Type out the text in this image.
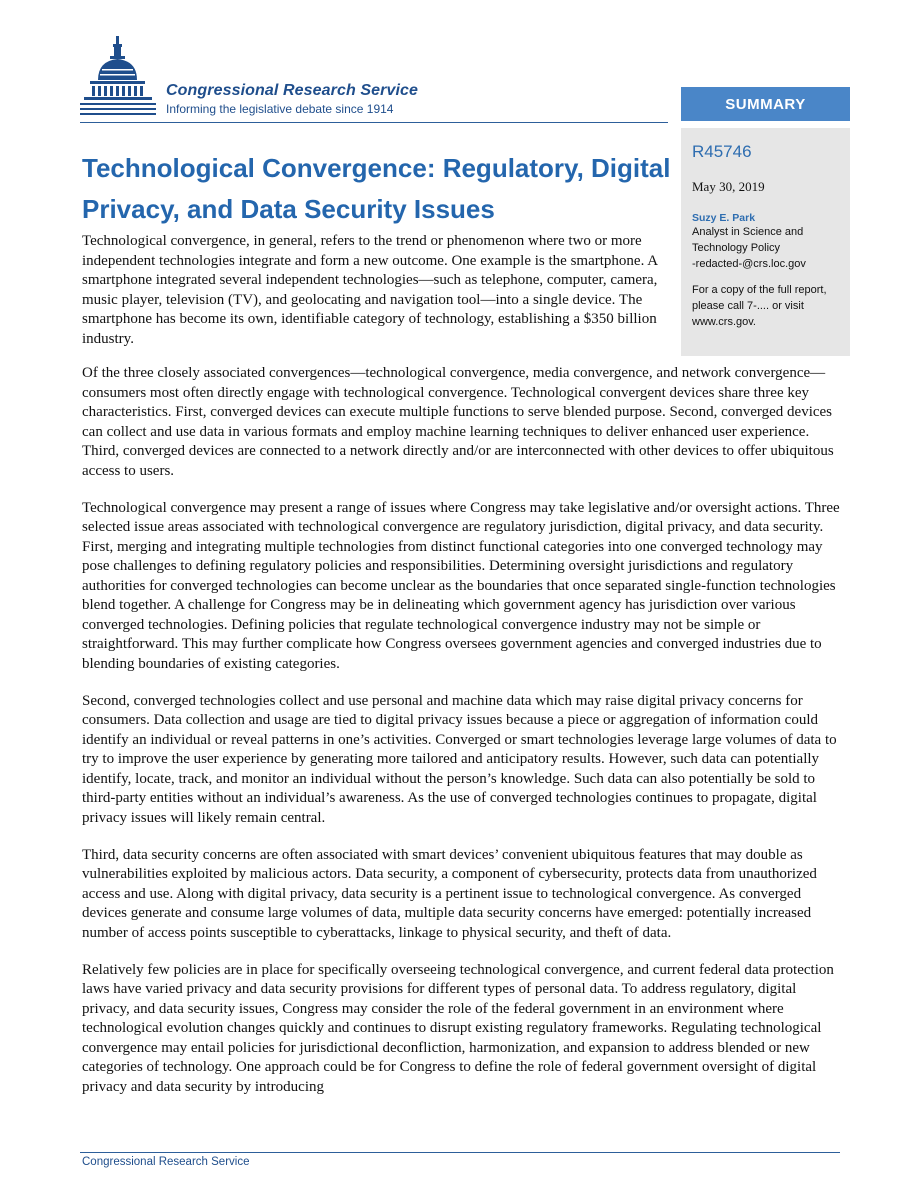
Congressional Research Service
Informing the legislative debate since 1914	SUMMARY
R45746
May 30, 2019
Suzy E. Park
Analyst in Science and
Technology Policy
-redacted-@crs.loc.gov
For a copy of the full report, please call 7-.... or visit www.crs.gov.
Technological Convergence: Regulatory, Digital Privacy, and Data Security Issues

Technological convergence, in general, refers to the trend or phenomenon where two or more independent technologies integrate and form a new outcome. One example is the smartphone. A smartphone integrated several independent technologies—such as telephone, computer, camera, music player, television (TV), and geolocating and navigation tool—into a single device. The smartphone has become its own, identifiable category of technology, establishing a $350 billion industry.

Of the three closely associated convergences—technological convergence, media convergence, and network convergence—consumers most often directly engage with technological convergence. Technological convergent devices share three key characteristics. First, converged devices can execute multiple functions to serve blended purpose. Second, converged devices can collect and use data in various formats and employ machine learning techniques to deliver enhanced user experience. Third, converged devices are connected to a network directly and/or are interconnected with other devices to offer ubiquitous access to users.

Technological convergence may present a range of issues where Congress may take legislative and/or oversight actions. Three selected issue areas associated with technological convergence are regulatory jurisdiction, digital privacy, and data security. First, merging and integrating multiple technologies from distinct functional categories into one converged technology may pose challenges to defining regulatory policies and responsibilities. Determining oversight jurisdictions and regulatory authorities for converged technologies can become unclear as the boundaries that once separated single-function technologies blend together. A challenge for Congress may be in delineating which government agency has jurisdiction over various converged technologies. Defining policies that regulate technological convergence industry may not be simple or straightforward. This may further complicate how Congress oversees government agencies and converged industries due to blending boundaries of existing categories.

Second, converged technologies collect and use personal and machine data which may raise digital privacy concerns for consumers. Data collection and usage are tied to digital privacy issues because a piece or aggregation of information could identify an individual or reveal patterns in one’s activities. Converged or smart technologies leverage large volumes of data to try to improve the user experience by generating more tailored and anticipatory results. However, such data can potentially identify, locate, track, and monitor an individual without the person’s knowledge. Such data can also potentially be sold to third-party entities without an individual’s awareness. As the use of converged technologies continues to propagate, digital privacy issues will likely remain central.

Third, data security concerns are often associated with smart devices’ convenient ubiquitous features that may double as vulnerabilities exploited by malicious actors. Data security, a component of cybersecurity, protects data from unauthorized access and use. Along with digital privacy, data security is a pertinent issue to technological convergence. As converged devices generate and consume large volumes of data, multiple data security concerns have emerged: potentially increased number of access points susceptible to cyberattacks, linkage to physical security, and theft of data.

Relatively few policies are in place for specifically overseeing technological convergence, and current federal data protection laws have varied privacy and data security provisions for different types of personal data. To address regulatory, digital privacy, and data security issues, Congress may consider the role of the federal government in an environment where technological evolution changes quickly and continues to disrupt existing regulatory frameworks. Regulating technological convergence may entail policies for jurisdictional deconfliction, harmonization, and expansion to address blended or new categories of technology. One approach could be for Congress to define the role of federal government oversight of digital privacy and data security by introducing

Congressional Research Service
